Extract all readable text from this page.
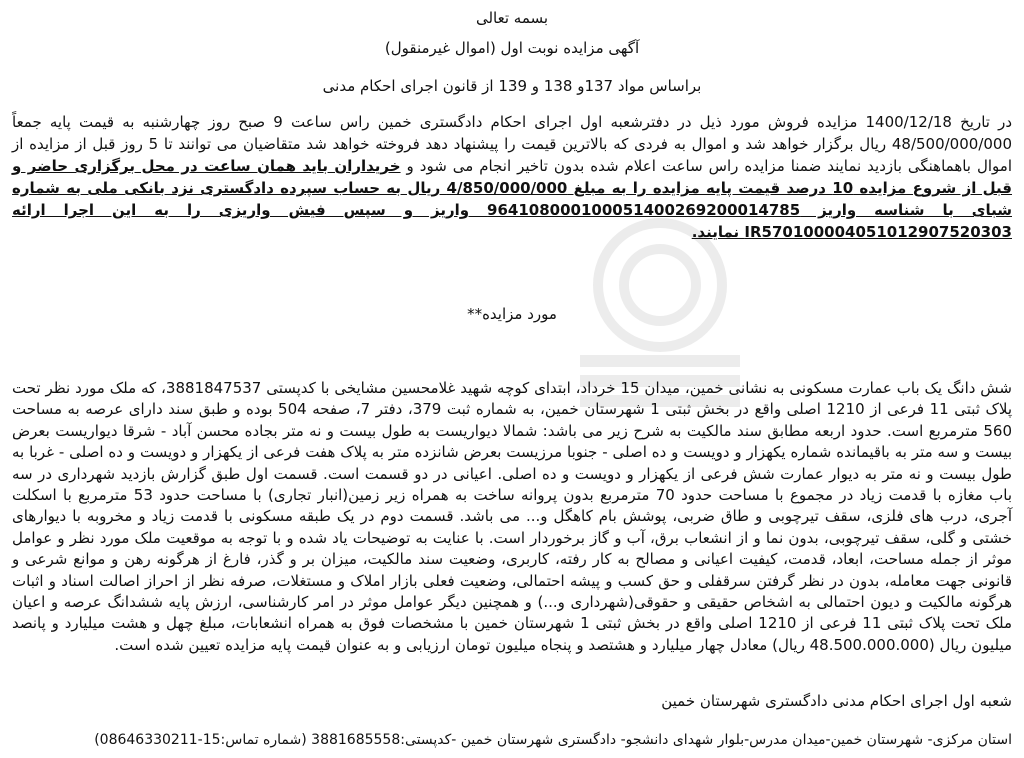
بسمه تعالی
آگهی مزایده نوبت اول (اموال غیرمنقول)
براساس مواد 137و 138 و 139 از قانون اجرای احکام مدنی
در تاریخ 1400/12/18 مزایده فروش مورد ذیل در دفترشعبه اول اجرای احکام دادگستری خمین راس ساعت 9 صبح روز چهارشنبه به قیمت پایه جمعاً 48/500/000/000 ریال برگزار خواهد شد و اموال به فردی که بالاترین قیمت را پیشنهاد دهد فروخته خواهد شد متقاضیان می توانند تا 5 روز قبل از مزایده از اموال باهماهنگی بازدید نمایند ضمنا مزایده راس ساعت اعلام شده بدون تاخیر انجام می شود و خریداران باید همان ساعت در محل برگزاری حاضر و قبل از شروع مزایده 10 درصد قیمت پایه مزایده را به مبلغ 4/850/000/000 ریال به حساب سپرده دادگستری نزد بانکی ملی به شماره شبای با شناسه واریز 964108000100051400269200014785 واریز و سپس فیش واریزی را به این اجرا ارائه IR570100004051012907520303 نمایند.
مورد مزایده**
شش دانگ یک باب عمارت مسکونی به نشانی خمین، میدان 15 خرداد، ابتدای کوچه شهید غلامحسین مشایخی با کدپستی 3881847537، که ملک مورد نظر تحت پلاک ثبتی 11 فرعی از 1210 اصلی واقع در بخش ثبتی 1 شهرستان خمین، به شماره ثبت 379، دفتر 7، صفحه 504 بوده و طبق سند دارای عرصه به مساحت 560 مترمربع است. حدود اربعه مطابق سند مالکیت به شرح زیر می باشد: شمالا دیواریست به طول بیست و نه متر بجاده محسن آباد - شرقا دیواریست بعرض بیست و سه متر به باقیمانده شماره یکهزار و دویست و ده اصلی - جنوبا مرزیست بعرض شانزده متر به پلاک هفت فرعی از یکهزار و دویست و ده اصلی - غربا به طول بیست و نه متر به دیوار عمارت شش فرعی از یکهزار و دویست و ده اصلی. اعیانی در دو قسمت است. قسمت اول طبق گزارش بازدید شهرداری در سه باب مغازه با قدمت زیاد در مجموع با مساحت حدود 70 مترمربع بدون پروانه ساخت به همراه زیر زمین(انبار تجاری) با مساحت حدود 53 مترمربع با اسکلت آجری، درب های فلزی، سقف تیرچوبی و طاق ضربی، پوشش بام کاهگل و... می باشد. قسمت دوم در یک طبقه مسکونی با قدمت زیاد و مخروبه با دیوارهای خشتی و گلی، سقف تیرچوبی، بدون نما و از انشعاب برق، آب و گاز برخوردار است. با عنایت به توضیحات یاد شده و با توجه به موقعیت ملک مورد نظر و عوامل موثر از جمله مساحت، ابعاد، قدمت، کیفیت اعیانی و مصالح به کار رفته، کاربری، وضعیت سند مالکیت، میزان بر و گذر، فارغ از هرگونه رهن و موانع شرعی و قانونی جهت معامله، بدون در نظر گرفتن سرقفلی و حق کسب و پیشه احتمالی، وضعیت فعلی بازار املاک و مستغلات، صرفه نظر از احراز اصالت اسناد و اثبات هرگونه مالکیت و دیون احتمالی به اشخاص حقیقی و حقوقی(شهرداری و...) و همچنین دیگر عوامل موثر در امر کارشناسی، ارزش پایه ششدانگ عرصه و اعیان ملک تحت پلاک ثبتی 11 فرعی از 1210 اصلی واقع در بخش ثبتی 1 شهرستان خمین با مشخصات فوق به همراه انشعابات، مبلغ چهل و هشت میلیارد و پانصد میلیون ریال (48.500.000.000 ریال) معادل چهار میلیارد و هشتصد و پنجاه میلیون تومان ارزیابی و به عنوان قیمت پایه مزایده تعیین شده است.
شعبه اول اجرای احکام مدنی دادگستری شهرستان خمین
استان مرکزی- شهرستان خمین-میدان مدرس-بلوار شهدای دانشجو- دادگستری شهرستان خمین -کدپستی:3881685558 (شماره تماس:15-08646330211)
